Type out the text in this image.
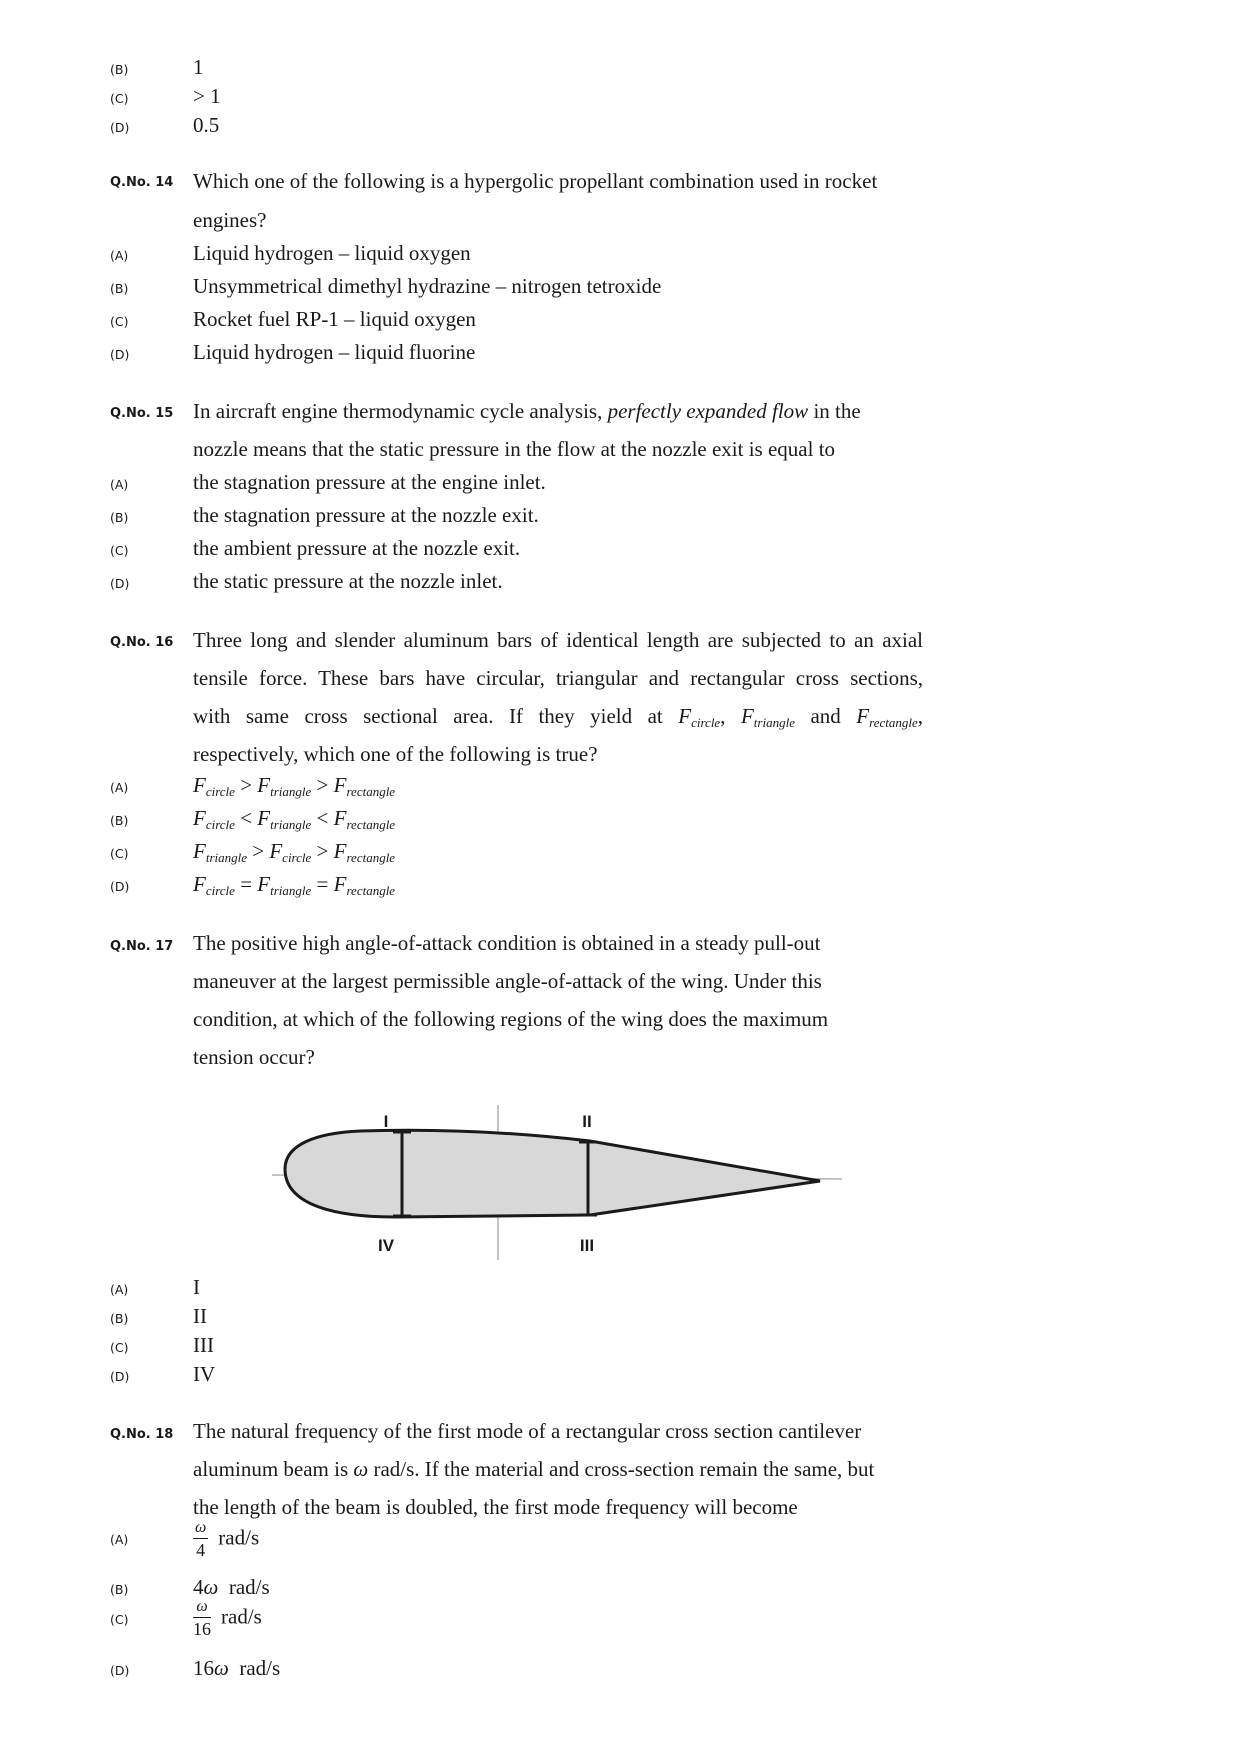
(B)	1
(C)	> 1
(D)	0.5
Q.No. 14 Which one of the following is a hypergolic propellant combination used in rocket
engines?
(A)	Liquid hydrogen – liquid oxygen
(B)	Unsymmetrical dimethyl hydrazine – nitrogen tetroxide
(C)	Rocket fuel RP-1 – liquid oxygen
(D)	Liquid hydrogen – liquid fluorine
Q.No. 15 In aircraft engine thermodynamic cycle analysis, perfectly expanded flow in the
nozzle means that the static pressure in the flow at the nozzle exit is equal to
(A)	the stagnation pressure at the engine inlet.
(B)	the stagnation pressure at the nozzle exit.
(C)	the ambient pressure at the nozzle exit.
(D)	the static pressure at the nozzle inlet.
Q.No. 16 Three long and slender aluminum bars of identical length are subjected to an axial
tensile force. These bars have circular, triangular and rectangular cross sections,
with same cross sectional area. If they yield at $F_{circle}$, $F_{triangle}$ and $F_{rectangle}$,
respectively, which one of the following is true?
(A)	$F_{circle} > F_{triangle} > F_{rectangle}$
(B)	$F_{circle} < F_{triangle} < F_{rectangle}$
(C)	$F_{triangle} > F_{circle} > F_{rectangle}$
(D)	$F_{circle} = F_{triangle} = F_{rectangle}$
Q.No. 17 The positive high angle-of-attack condition is obtained in a steady pull-out
maneuver at the largest permissible angle-of-attack of the wing. Under this
condition, at which of the following regions of the wing does the maximum
tension occur?
I	II
III
IV
(A)	I
(B)	II
(C)	III
(D)	IV
Q.No. 18 The natural frequency of the first mode of a rectangular cross section cantilever
aluminum beam is ω rad/s. If the material and cross-section remain the same, but
the length of the beam is doubled, the first mode frequency will become
(A)	$\frac{\omega}{4} rad/s$
(B)	4ω rad/s
(C)	$\frac{\omega}{16} rad/s$
(D)	16ω rad/s
